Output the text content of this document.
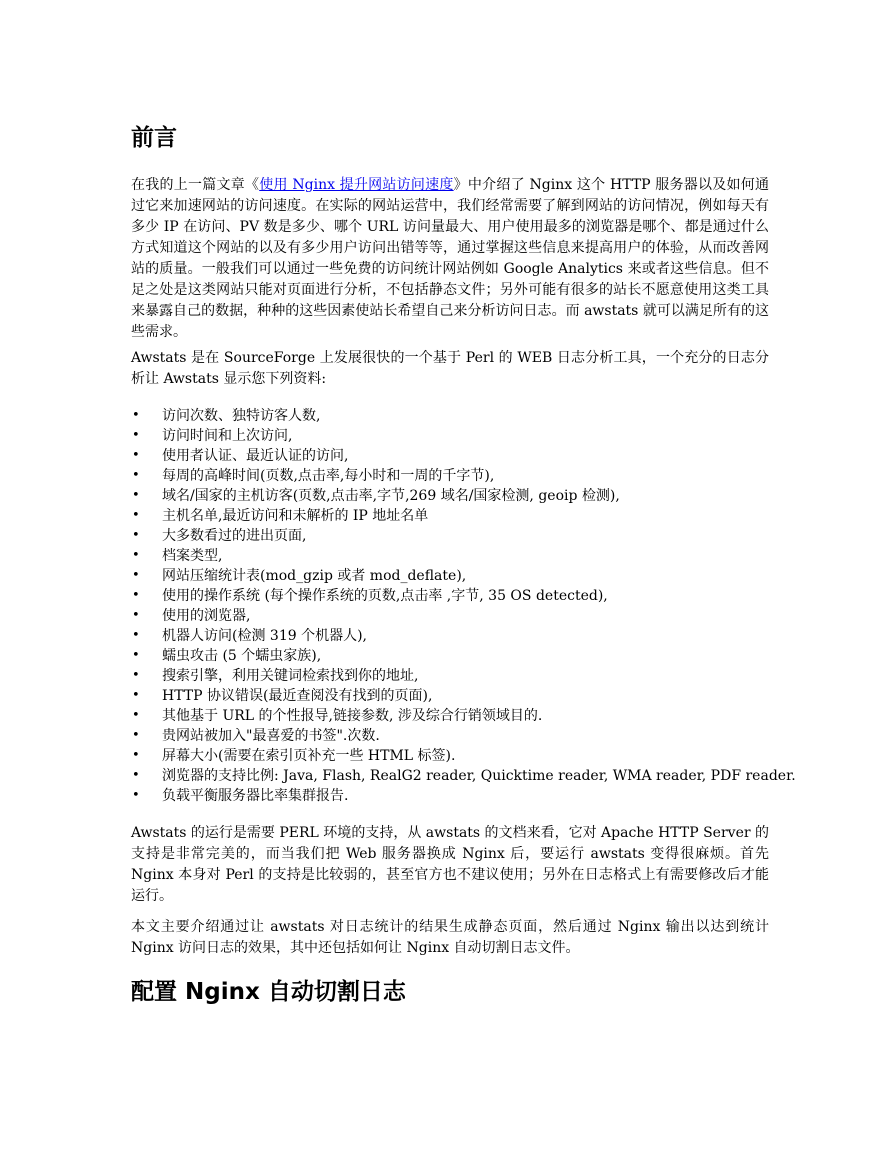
前言

在我的上一篇文章《使用 Nginx 提升网站访问速度》中介绍了 Nginx 这个 HTTP 服务器以及如何通过它来加速网站的访问速度。在实际的网站运营中，我们经常需要了解到网站的访问情况，例如每天有多少 IP 在访问、PV 数是多少、哪个 URL 访问量最大、用户使用最多的浏览器是哪个、都是通过什么方式知道这个网站的以及有多少用户访问出错等等，通过掌握这些信息来提高用户的体验，从而改善网站的质量。一般我们可以通过一些免费的访问统计网站例如 Google Analytics 来或者这些信息。但不足之处是这类网站只能对页面进行分析，不包括静态文件；另外可能有很多的站长不愿意使用这类工具来暴露自己的数据，种种的这些因素使站长希望自己来分析访问日志。而 awstats 就可以满足所有的这些需求。

Awstats 是在 SourceForge 上发展很快的一个基于 Perl 的 WEB 日志分析工具，一个充分的日志分析让 Awstats 显示您下列资料:

• 访问次数、独特访客人数,
• 访问时间和上次访问,
• 使用者认证、最近认证的访问,
• 每周的高峰时间(页数,点击率,每小时和一周的千字节),
• 域名/国家的主机访客(页数,点击率,字节,269 域名/国家检测, geoip 检测),
• 主机名单,最近访问和未解析的 IP 地址名单
• 大多数看过的进出页面,
• 档案类型,
• 网站压缩统计表(mod_gzip 或者 mod_deflate),
• 使用的操作系统 (每个操作系统的页数,点击率 ,字节, 35 OS detected),
• 使用的浏览器,
• 机器人访问(检测 319 个机器人),
• 蠕虫攻击 (5 个蠕虫家族),
• 搜索引擎，利用关键词检索找到你的地址,
• HTTP 协议错误(最近查阅没有找到的页面),
• 其他基于 URL 的个性报导,链接参数, 涉及综合行销领域目的.
• 贵网站被加入"最喜爱的书签".次数.
• 屏幕大小(需要在索引页补充一些 HTML 标签).
• 浏览器的支持比例: Java, Flash, RealG2 reader, Quicktime reader, WMA reader, PDF reader.
• 负载平衡服务器比率集群报告.

Awstats 的运行是需要 PERL 环境的支持，从 awstats 的文档来看，它对 Apache HTTP Server 的支持是非常完美的，而当我们把 Web 服务器换成 Nginx 后，要运行 awstats 变得很麻烦。首先 Nginx 本身对 Perl 的支持是比较弱的，甚至官方也不建议使用；另外在日志格式上有需要修改后才能运行。

本文主要介绍通过让 awstats 对日志统计的结果生成静态页面，然后通过 Nginx 输出以达到统计 Nginx 访问日志的效果，其中还包括如何让 Nginx 自动切割日志文件。

配置 Nginx 自动切割日志
